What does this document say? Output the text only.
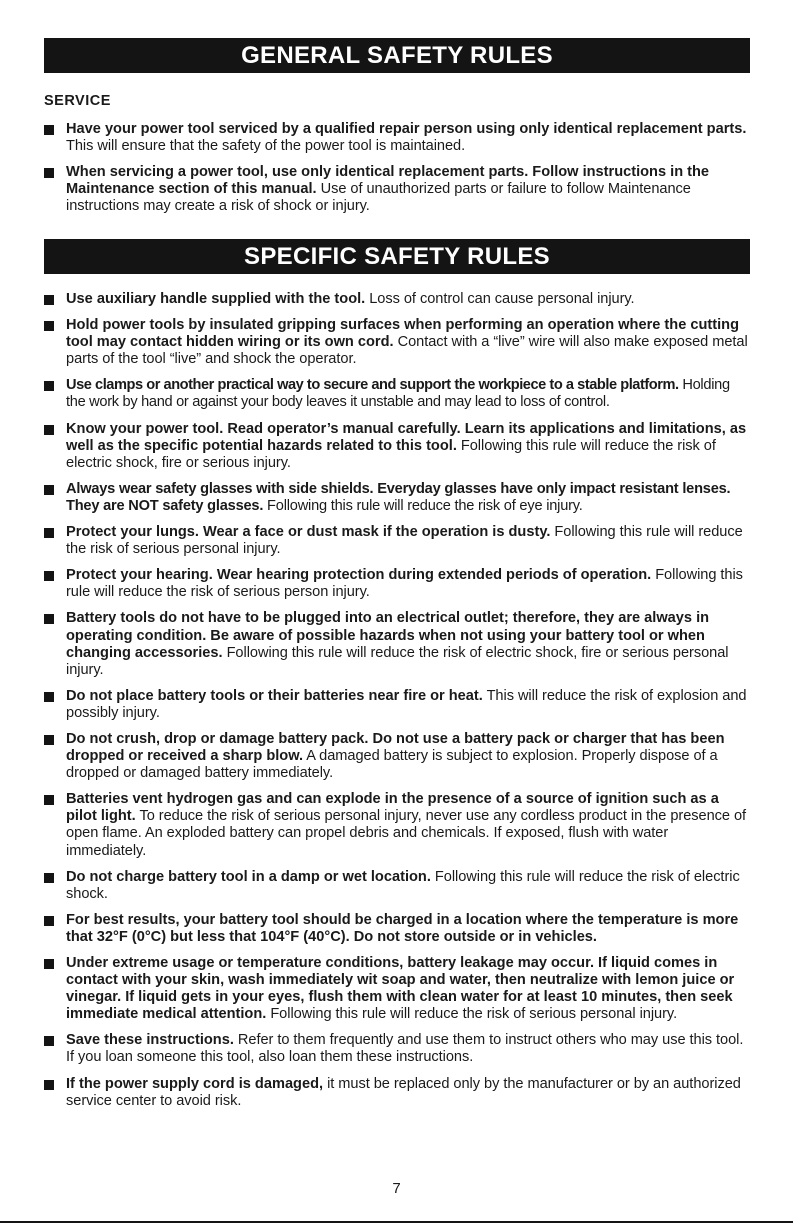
GENERAL SAFETY RULES
SERVICE
Have your power tool serviced by a qualified repair person using only identical replacement parts. This will ensure that the safety of the power tool is maintained.
When servicing a power tool, use only identical replacement parts. Follow instructions in the Maintenance section of this manual. Use of unauthorized parts or failure to follow Maintenance instructions may create a risk of shock or injury.
SPECIFIC SAFETY RULES
Use auxiliary handle supplied with the tool. Loss of control can cause personal injury.
Hold power tools by insulated gripping surfaces when performing an operation where the cutting tool may contact hidden wiring or its own cord. Contact with a “live” wire will also make exposed metal parts of the tool “live” and shock the operator.
Use clamps or another practical way to secure and support the workpiece to a stable platform. Holding the work by hand or against your body leaves it unstable and may lead to loss of control.
Know your power tool. Read operator’s manual carefully. Learn its applications and limitations, as well as the specific potential hazards related to this tool. Following this rule will reduce the risk of electric shock, fire or serious injury.
Always wear safety glasses with side shields. Everyday glasses have only impact resistant lenses. They are NOT safety glasses. Following this rule will reduce the risk of eye injury.
Protect your lungs. Wear a face or dust mask if the operation is dusty. Following this rule will reduce the risk of serious personal injury.
Protect your hearing. Wear hearing protection during extended periods of operation. Following this rule will reduce the risk of serious person injury.
Battery tools do not have to be plugged into an electrical outlet; therefore, they are always in operating condition. Be aware of possible hazards when not using your battery tool or when changing accessories. Following this rule will reduce the risk of electric shock, fire or serious personal injury.
Do not place battery tools or their batteries near fire or heat. This will reduce the risk of explosion and possibly injury.
Do not crush, drop or damage battery pack. Do not use a battery pack or charger that has been dropped or received a sharp blow. A damaged battery is subject to explosion. Properly dispose of a dropped or damaged battery immediately.
Batteries vent hydrogen gas and can explode in the presence of a source of ignition such as a pilot light. To reduce the risk of serious personal injury, never use any cordless product in the presence of open flame. An exploded battery can propel debris and chemicals. If exposed, flush with water immediately.
Do not charge battery tool in a damp or wet location. Following this rule will reduce the risk of electric shock.
For best results, your battery tool should be charged in a location where the temperature is more that 32°F (0°C) but less that 104°F (40°C). Do not store outside or in vehicles.
Under extreme usage or temperature conditions, battery leakage may occur. If liquid comes in contact with your skin, wash immediately wit soap and water, then neutralize with lemon juice or vinegar. If liquid gets in your eyes, flush them with clean water for at least 10 minutes, then seek immediate medical attention. Following this rule will reduce the risk of serious personal injury.
Save these instructions. Refer to them frequently and use them to instruct others who may use this tool. If you loan someone this tool, also loan them these instructions.
If the power supply cord is damaged, it must be replaced only by the manufacturer or by an authorized service center to avoid risk.
7
